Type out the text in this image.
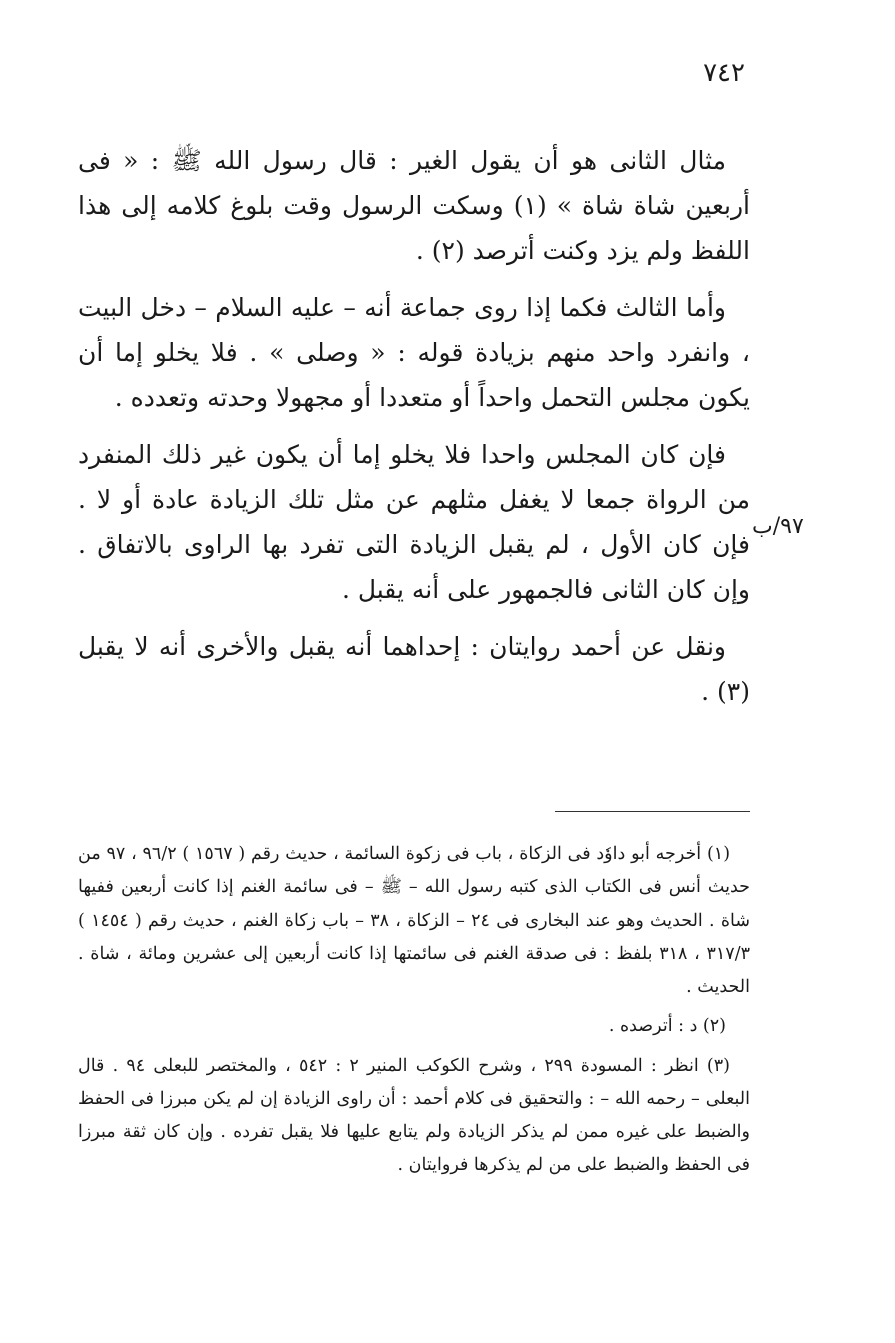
٧٤٢

مثال الثانى هو أن يقول الغير : قال رسول الله ﷺ : « فى أربعين شاة شاة » (١) وسكت الرسول وقت بلوغ كلامه إلى هذا اللفظ ولم يزد وكنت أترصد (٢) .

وأما الثالث فكما إذا روى جماعة أنه – عليه السلام – دخل البيت ، وانفرد واحد منهم بزيادة قوله : « وصلى » . فلا يخلو إما أن يكون مجلس التحمل واحداً أو متعددا أو مجهولا وحدته وتعدده .

فإن كان المجلس واحدا فلا يخلو إما أن يكون غير ذلك المنفرد من الرواة جمعا لا يغفل مثلهم عن مثل تلك الزيادة عادة أو لا . فإن كان الأول ، لم يقبل الزيادة التى تفرد بها الراوى بالاتفاق . وإن كان الثانى فالجمهور على أنه يقبل .

ونقل عن أحمد روايتان : إحداهما أنه يقبل والأخرى أنه لا يقبل (٣) .

٩٧/ب

(١) أخرجه أبو داوٗد فى الزكاة ، باب فى زكوة السائمة ، حديث رقم ( ١٥٦٧ ) ٩٦/٢ ، ٩٧ من حديث أنس فى الكتاب الذى كتبه رسول الله – ﷺ – فى سائمة الغنم إذا كانت أربعين ففيها شاة . الحديث وهو عند البخارى فى ٢٤ – الزكاة ، ٣٨ – باب زكاة الغنم ، حديث رقم ( ١٤٥٤ ) ٣١٧/٣ ، ٣١٨ بلفظ : فى صدقة الغنم فى سائمتها إذا كانت أربعين إلى عشرين ومائة ، شاة . الحديث .

(٢) د : أترصده .

(٣) انظر : المسودة ٢٩٩ ، وشرح الكوكب المنير ٢ : ٥٤٢ ، والمختصر للبعلى ٩٤ . قال البعلى – رحمه الله – : والتحقيق فى كلام أحمد : أن راوى الزيادة إن لم يكن مبرزا فى الحفظ والضبط على غيره ممن لم يذكر الزيادة ولم يتابع عليها فلا يقبل تفرده . وإن كان ثقة مبرزا فى الحفظ والضبط على من لم يذكرها فروايتان .
